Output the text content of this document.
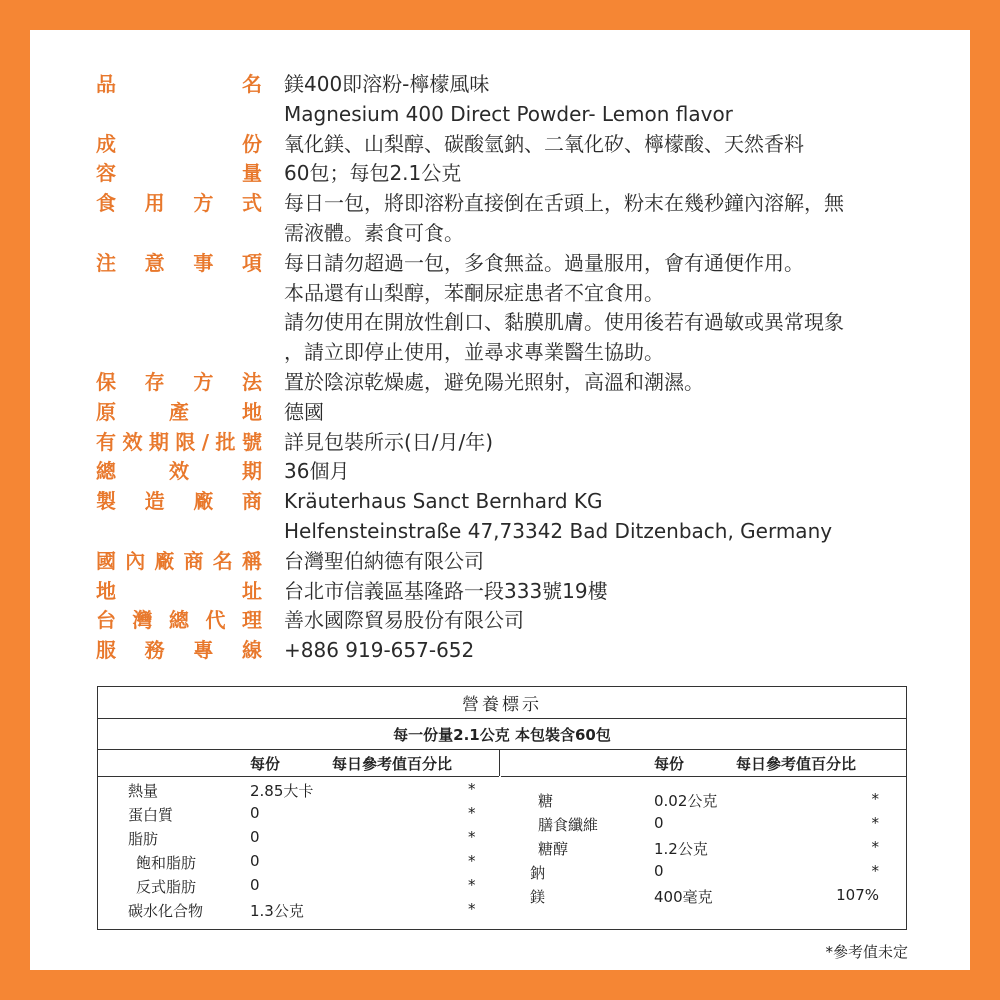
品	名 鎂400即溶粉-檸檬風味
Magnesium 400 Direct Powder- Lemon flavor
成	份 氧化鎂、山梨醇、碳酸氫鈉、二氧化矽、檸檬酸、天然香料
容	量 60包；每包2.1公克
食 用 方 式 每日一包，將即溶粉直接倒在舌頭上，粉末在幾秒鐘內溶解，無
需液體。素食可食。
注 意 事 項 每日請勿超過一包，多食無益。過量服用，會有通便作用。
本品還有山梨醇，苯酮尿症患者不宜食用。
請勿使用在開放性創口、黏膜肌膚。使用後若有過敏或異常現象
，請立即停止使用，並尋求專業醫生協助。
保 存 方 法 置於陰涼乾燥處，避免陽光照射，高溫和潮濕。
原	產	地 德國
有 效 期 限 / 批 號 詳見包裝所示(日/月/年)
總	效	期 36個月
製 造 廠 商 Kräuterhaus Sanct Bernhard KG
Helfensteinstraße 47,73342 Bad Ditzenbach, Germany
國 內 廠 商 名 稱 台灣聖伯納德有限公司
地	址 台北市信義區基隆路一段333號19樓
台 灣 總 代 理 善水國際貿易股份有限公司
服 務 專 線 +886 919-657-652
營養標示
每一份量2.1公克 本包裝含60包
每份	每日參考值百分比	每份	每日參考值百分比
熱量	2.85大卡	*
蛋白質	0	*
脂肪	0	*
飽和脂肪	0	*
反式脂肪	0	*
碳水化合物	1.3公克	*
糖	0.02公克	*
膳食纖維	0	*
糖醇	1.2公克	*
鈉	0	*
鎂	400毫克	107%
*參考值未定
